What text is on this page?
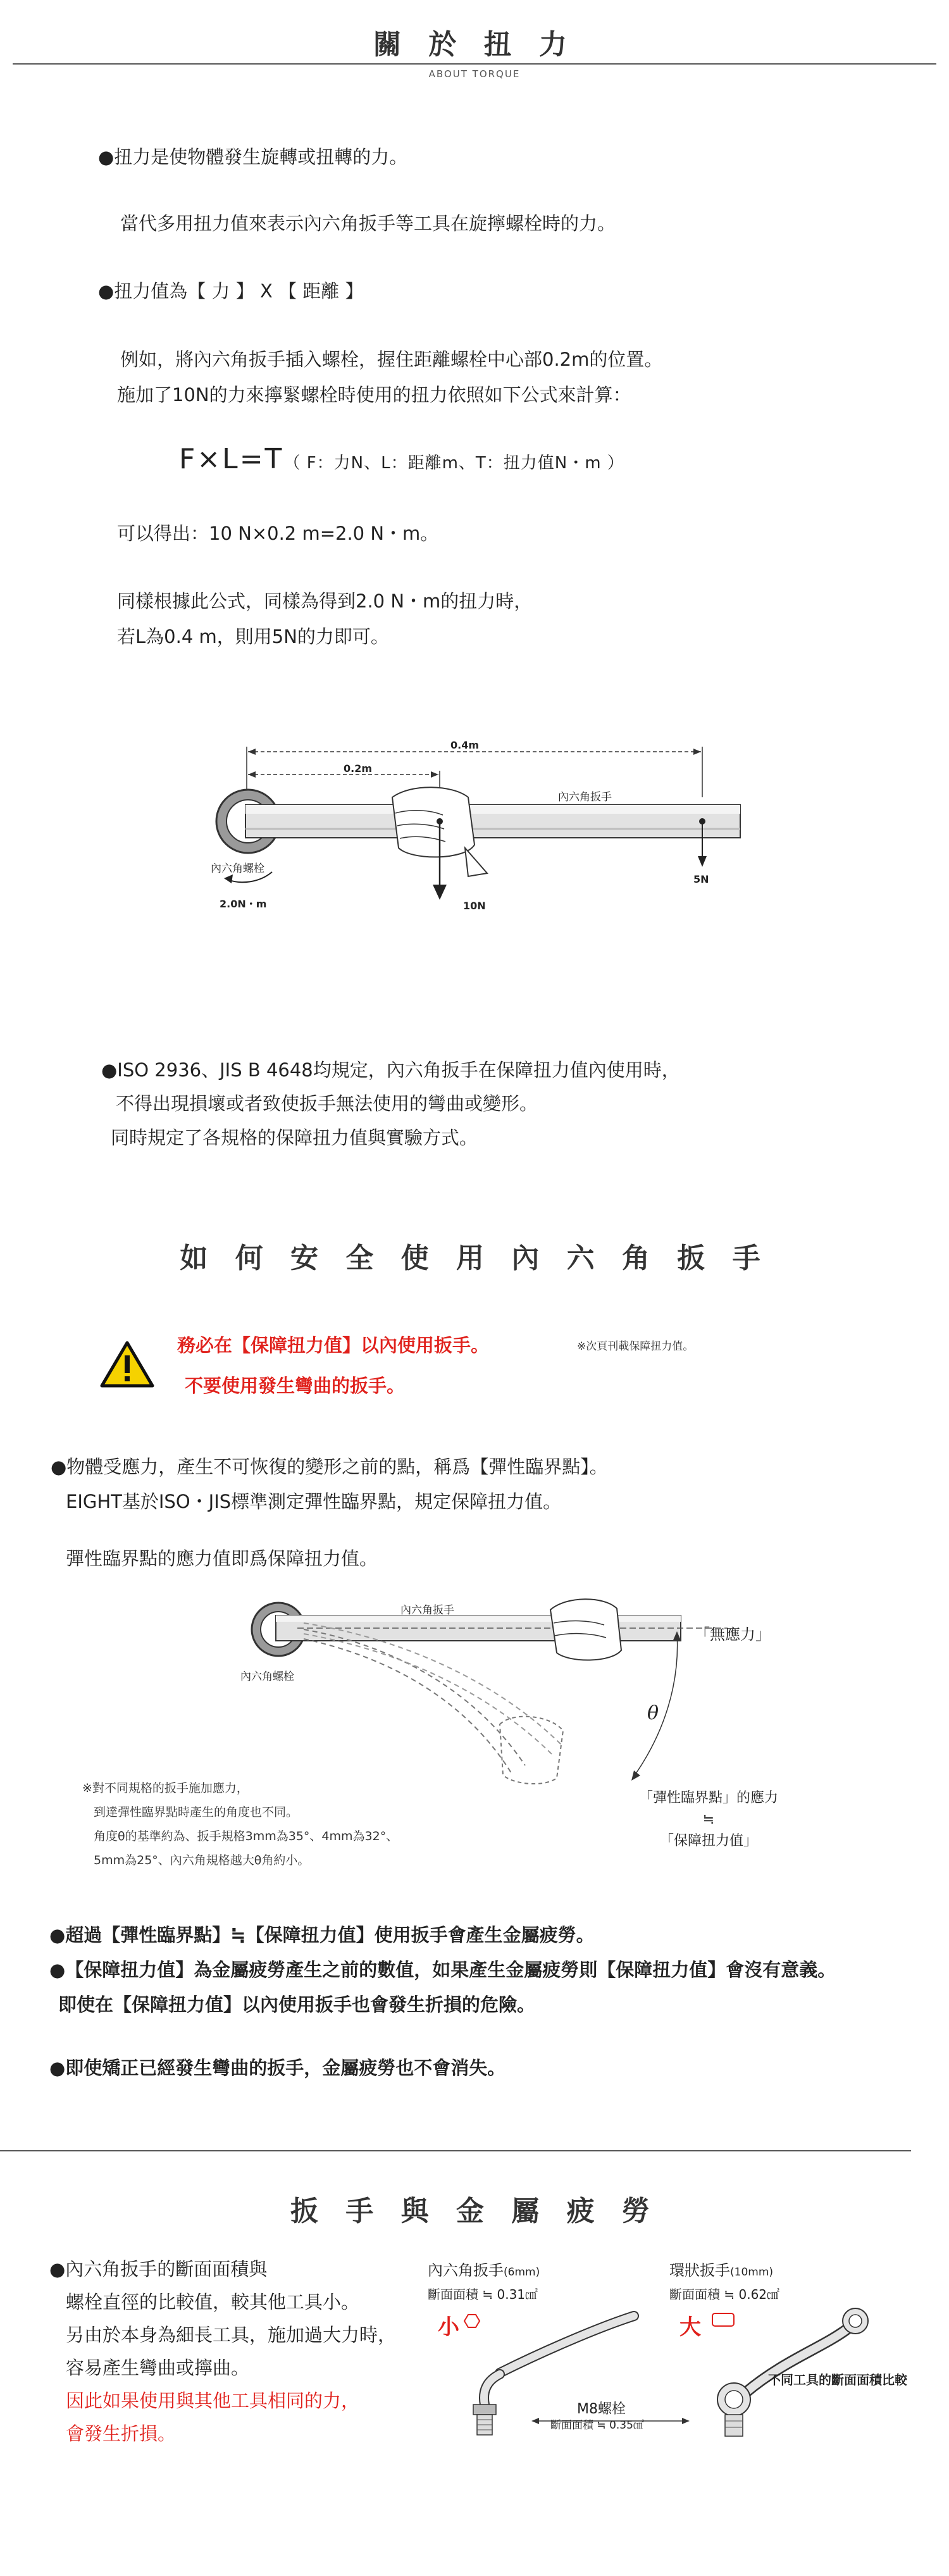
關 於 扭 力
ABOUT TORQUE
●扭力是使物體發生旋轉或扭轉的力。
當代多用扭力值來表示內六角扳手等工具在旋擰螺栓時的力。
●扭力值為【 力 】 X 【 距離 】
例如，將內六角扳手插入螺栓，握住距離螺栓中心部0.2m的位置。
施加了10N的力來擰緊螺栓時使用的扭力依照如下公式來計算：
F×L=T（ F：力N、L：距離m、T：扭力值N・m ）
可以得出：10 N×0.2 m=2.0 N・m。
同樣根據此公式，同樣為得到2.0 N・m的扭力時，
若L為0.4 m，則用5N的力即可。
0.4m
0.2m
內六角扳手
內六角螺栓
2.0N・m	10N
5N
●ISO 2936、JIS B 4648均規定，內六角扳手在保障扭力值內使用時，
不得出現損壞或者致使扳手無法使用的彎曲或變形。
同時規定了各規格的保障扭力值與實驗方式。
如 何 安 全 使 用 內 六 角 扳 手
務必在【保障扭力值】以內使用扳手。	※次頁刊載保障扭力值。
不要使用發生彎曲的扳手。
●物體受應力，產生不可恢復的變形之前的點，稱爲【彈性臨界點】。
EIGHT基於ISO・JIS標準測定彈性臨界點，規定保障扭力值。
彈性臨界點的應力值即爲保障扭力值。
內六角扳手
內六角螺栓
「無應力」
θ
「彈性臨界點」的應力
≒
「保障扭力值」
※對不同規格的扳手施加應力，
到達彈性臨界點時產生的角度也不同。
角度θ的基準約為、扳手規格3mm為35°、4mm為32°、
5mm為25°、內六角規格越大θ角約小。
●超過【彈性臨界點】≒【保障扭力值】使用扳手會產生金屬疲勞。
●【保障扭力值】為金屬疲勞產生之前的數值，如果產生金屬疲勞則【保障扭力值】會沒有意義。
即使在【保障扭力值】以內使用扳手也會發生折損的危險。
●即使矯正已經發生彎曲的扳手，金屬疲勞也不會消失。
扳 手 與 金 屬 疲 勞
●內六角扳手的斷面面積與
螺栓直徑的比較值，較其他工具小。
另由於本身為細長工具，施加過大力時，
容易產生彎曲或擰曲。
因此如果使用與其他工具相同的力，
會發生折損。
內六角扳手(6mm)
斷面面積 ≒ 0.31㎠
小
環狀扳手(10mm)
斷面面積 ≒ 0.62㎠
大
M8螺栓
斷面面積 ≒ 0.35㎠
不同工具的斷面面積比較
